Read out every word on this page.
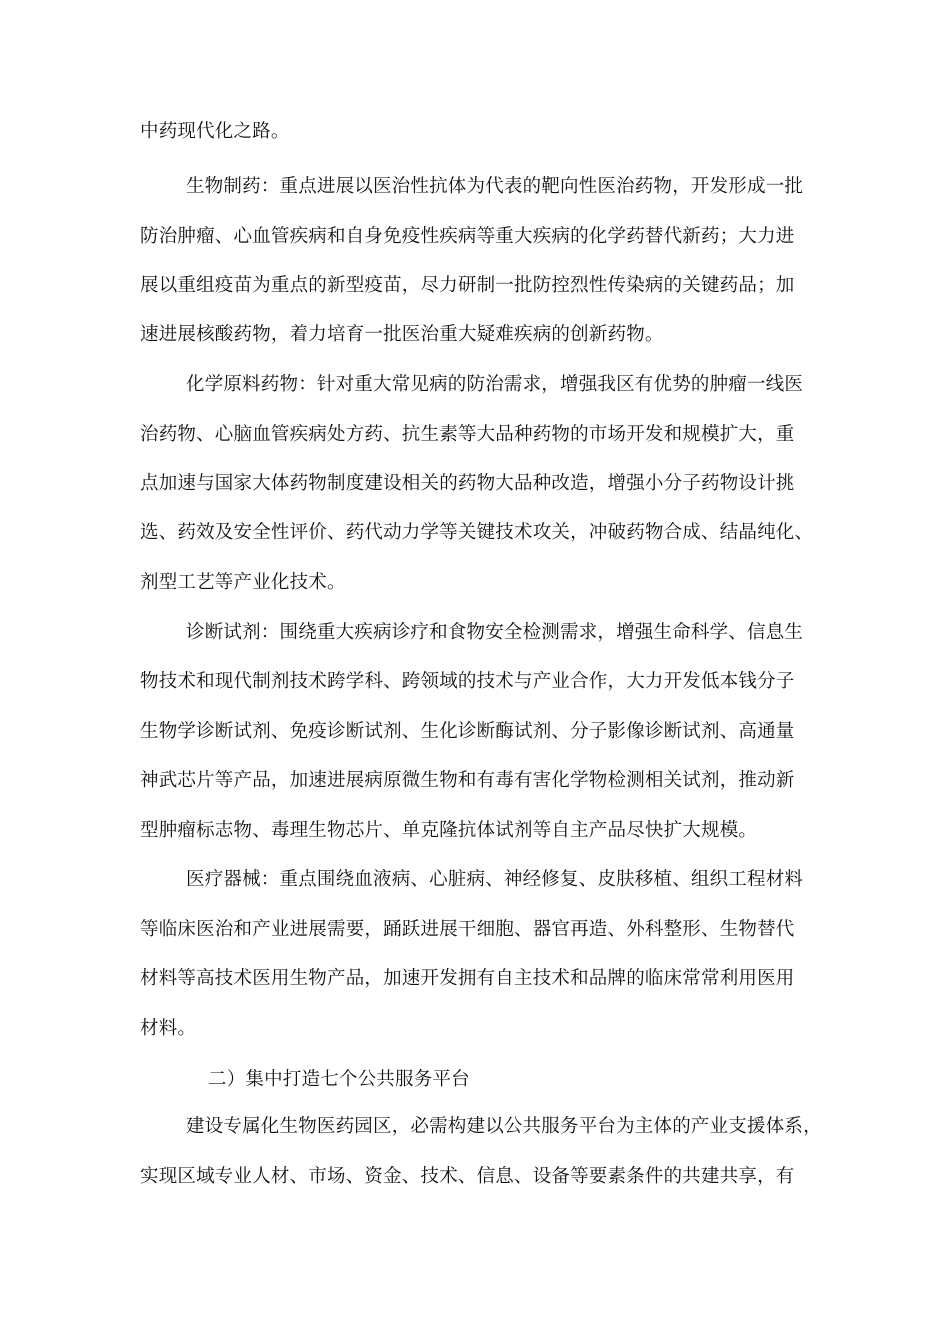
中药现代化之路。
生物制药：重点进展以医治性抗体为代表的靶向性医治药物，开发形成一批
防治肿瘤、心血管疾病和自身免疫性疾病等重大疾病的化学药替代新药；大力进
展以重组疫苗为重点的新型疫苗，尽力研制一批防控烈性传染病的关键药品；加
速进展核酸药物，着力培育一批医治重大疑难疾病的创新药物。
化学原料药物：针对重大常见病的防治需求，增强我区有优势的肿瘤一线医
治药物、心脑血管疾病处方药、抗生素等大品种药物的市场开发和规模扩大，重
点加速与国家大体药物制度建设相关的药物大品种改造，增强小分子药物设计挑
选、药效及安全性评价、药代动力学等关键技术攻关，冲破药物合成、结晶纯化、
剂型工艺等产业化技术。
诊断试剂：围绕重大疾病诊疗和食物安全检测需求，增强生命科学、信息生
物技术和现代制剂技术跨学科、跨领域的技术与产业合作，大力开发低本钱分子
生物学诊断试剂、免疫诊断试剂、生化诊断酶试剂、分子影像诊断试剂、高通量
神武芯片等产品，加速进展病原微生物和有毒有害化学物检测相关试剂，推动新
型肿瘤标志物、毒理生物芯片、单克隆抗体试剂等自主产品尽快扩大规模。
医疗器械：重点围绕血液病、心脏病、神经修复、皮肤移植、组织工程材料
等临床医治和产业进展需要，踊跃进展干细胞、器官再造、外科整形、生物替代
材料等高技术医用生物产品，加速开发拥有自主技术和品牌的临床常常利用医用
材料。
二）集中打造七个公共服务平台
建设专属化生物医药园区，必需构建以公共服务平台为主体的产业支援体系，
实现区域专业人材、市场、资金、技术、信息、设备等要素条件的共建共享，有
